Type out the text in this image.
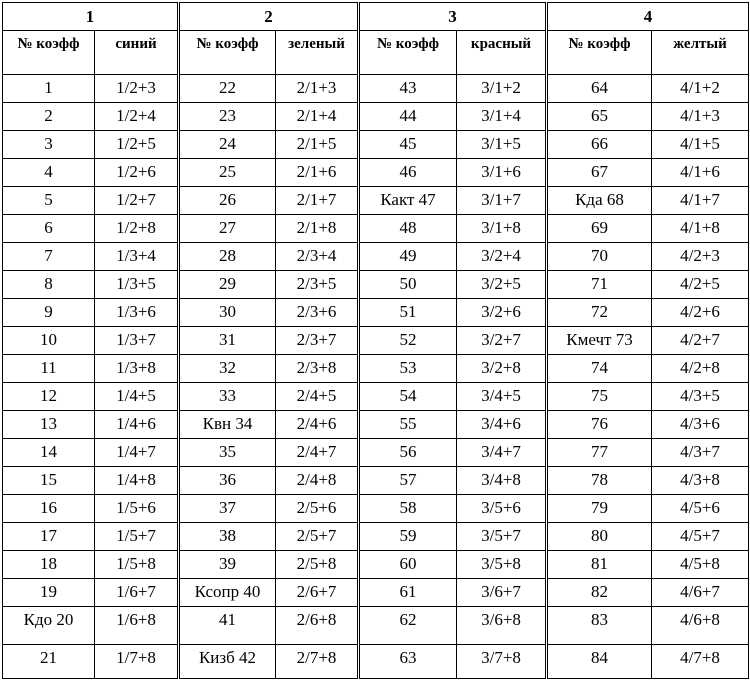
1		2		3		4	
№ коэфф	синий	№ коэфф	зеленый	№ коэфф	красный	№ коэфф	желтый
1	1/2+3	22	2/1+3	43	3/1+2	64	4/1+2
2	1/2+4	23	2/1+4	44	3/1+4	65	4/1+3
3	1/2+5	24	2/1+5	45	3/1+5	66	4/1+5
4	1/2+6	25	2/1+6	46	3/1+6	67	4/1+6
5	1/2+7	26	2/1+7	Какт 47	3/1+7	Кда 68	4/1+7
6	1/2+8	27	2/1+8	48	3/1+8	69	4/1+8
7	1/3+4	28	2/3+4	49	3/2+4	70	4/2+3
8	1/3+5	29	2/3+5	50	3/2+5	71	4/2+5
9	1/3+6	30	2/3+6	51	3/2+6	72	4/2+6
10	1/3+7	31	2/3+7	52	3/2+7	Кмечт 73	4/2+7
11	1/3+8	32	2/3+8	53	3/2+8	74	4/2+8
12	1/4+5	33	2/4+5	54	3/4+5	75	4/3+5
13	1/4+6	Квн 34	2/4+6	55	3/4+6	76	4/3+6
14	1/4+7	35	2/4+7	56	3/4+7	77	4/3+7
15	1/4+8	36	2/4+8	57	3/4+8	78	4/3+8
16	1/5+6	37	2/5+6	58	3/5+6	79	4/5+6
17	1/5+7	38	2/5+7	59	3/5+7	80	4/5+7
18	1/5+8	39	2/5+8	60	3/5+8	81	4/5+8
19	1/6+7	Ксопр 40	2/6+7	61	3/6+7	82	4/6+7
Кдо 20	1/6+8	41	2/6+8	62	3/6+8	83	4/6+8
21	1/7+8	Кизб 42	2/7+8	63	3/7+8	84	4/7+8
